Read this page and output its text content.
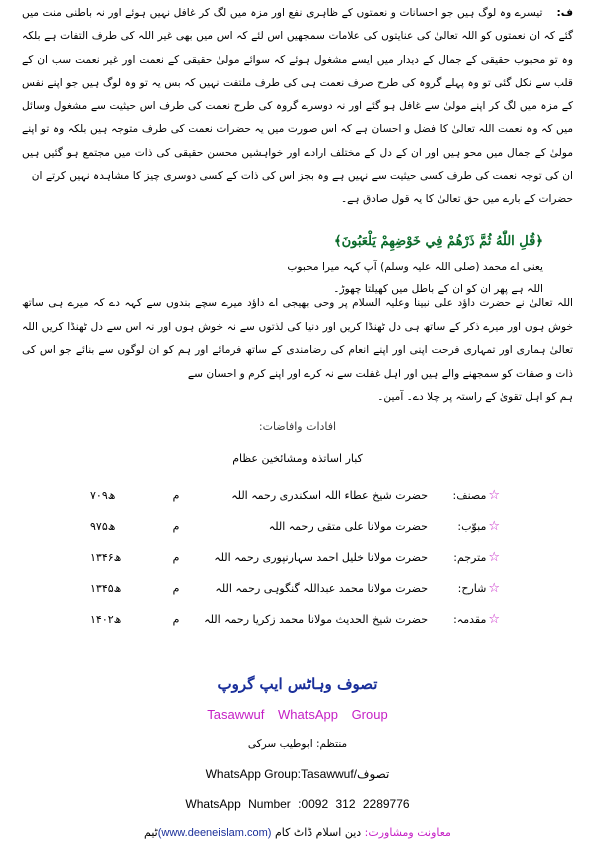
ف:تیسرے وہ لوگ ہیں جو احسانات و نعمتوں کے ظاہری نفع اور مزہ میں لگ کر غافل نہیں ہوئے اور نہ باطنی منت میں گئے کہ ان نعمتوں کو اللہ تعالیٰ کی عنایتوں کی علامات سمجھیں اس لئے کہ اس میں بھی غیر اللہ کی طرف التفات ہے بلکہ وہ تو محبوب حقیقی کے جمال کے دیدار میں ایسے مشغول ہوئے کہ سوائے مولیٰ حقیقی کے نعمت اور غیر نعمت سب ان کے قلب سے نکل گئی تو وہ پہلے گروہ کی طرح صرف نعمت ہی کی طرف ملتفت نہیں کہ بس یہ تو وہ لوگ ہیں جو اپنے نفس کے مزہ میں لگ کر اپنے مولیٰ سے غافل ہو گئے اور نہ دوسرے گروہ کی طرح نعمت کی طرف اس حیثیت سے مشغول وسائل میں کہ وہ نعمت اللہ تعالیٰ کا فضل و احسان ہے کہ اس صورت میں یہ حضرات نعمت کی طرف متوجہ ہیں بلکہ وہ تو اپنے مولیٰ کے جمال میں محو ہیں اور ان کے دل کے مختلف ارادے اور خواہشیں محسن حقیقی کی ذات میں مجتمع ہو گئیں ہیں ان کی توجہ نعمت کی طرف کسی حیثیت سے نہیں ہے وہ بجز اس کی ذات کے کسی دوسری چیز کا مشاہدہ نہیں کرتے ان
حضرات کے بارے میں حق تعالیٰ کا یہ قول صادق ہے۔
﴿قُلِ اللّٰهُ ثُمَّ ذَرْهُمْ فِي خَوْضِهِمْ يَلْعَبُونَ﴾
یعنی اے محمد (صلی اللہ علیہ وسلم) آپ کہہ میرا محبوب
اللہ ہے پھر ان کو ان کے باطل میں کھیلتا چھوڑ۔
اللہ تعالیٰ نے حضرت داؤد علی نبینا وعلیہ السلام پر وحی بھیجی اے داؤد میرے سچے بندوں سے کہہ دے کہ میرے ہی ساتھ خوش ہوں اور میرے ذکر کے ساتھ ہی دل ٹھنڈا کریں اور دنیا کی لذتوں سے نہ خوش ہوں اور نہ اس سے دل ٹھنڈا کریں اللہ تعالیٰ ہماری اور تمہاری فرحت اپنی اور اپنے انعام کی رضامندی کے ساتھ فرمائے اور ہم کو ان لوگوں سے بنائے جو اس کی ذات و صفات کو سمجھنے والے ہیں اور اہل غفلت سے نہ کرے اور اپنے کرم و احسان سے
ہم کو اہل تقویٰ کے راستہ پر چلا دے۔ آمین۔
افادات وافاضات:
کبار اساتذہ ومشائخین عظام
☆مصنف:	حضرت شیخ عطاء اللہ اسکندری رحمہ اللہ	م	۷۰۹ھ
☆مبوّب:	حضرت مولانا علی متقی رحمہ اللہ	م	۹۷۵ھ
☆مترجم:	حضرت مولانا خلیل احمد سہارنپوری رحمہ اللہ	م	۱۳۴۶ھ
☆شارح:	حضرت مولانا محمد عبداللہ گنگوہی رحمہ اللہ	م	۱۳۴۵ھ
☆مقدمہ:	حضرت شیخ الحدیث مولانا محمد زکریا رحمہ اللہ	م	۱۴۰۲ھ
تصوف وہاٹس ایپ گروپ
Tasawwuf WhatsApp Group
منتظم: ابوطیب سرکی
WhatsApp Group:Tasawwuf/تصوف
WhatsApp Number :0092 312 2289776
معاونت ومشاورت: دین اسلام ڈاٹ کام (www.deeneislam.com)ٹیم
